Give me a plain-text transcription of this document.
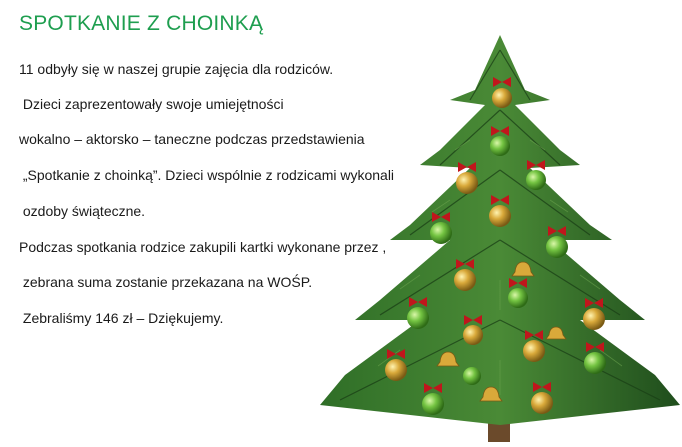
SPOTKANIE Z CHOINKĄ

11 odbyły się w naszej grupie zajęcia dla rodziców.

Dzieci zaprezentowały swoje umiejętności

wokalno – aktorsko – taneczne podczas przedstawienia

„Spotkanie z choinką”. Dzieci wspólnie z rodzicami wykonali

ozdoby świąteczne.

Podczas spotkania rodzice zakupili kartki wykonane przez ,

zebrana suma zostanie przekazana na WOŚP.

Zebraliśmy 146 zł – Dziękujemy.
